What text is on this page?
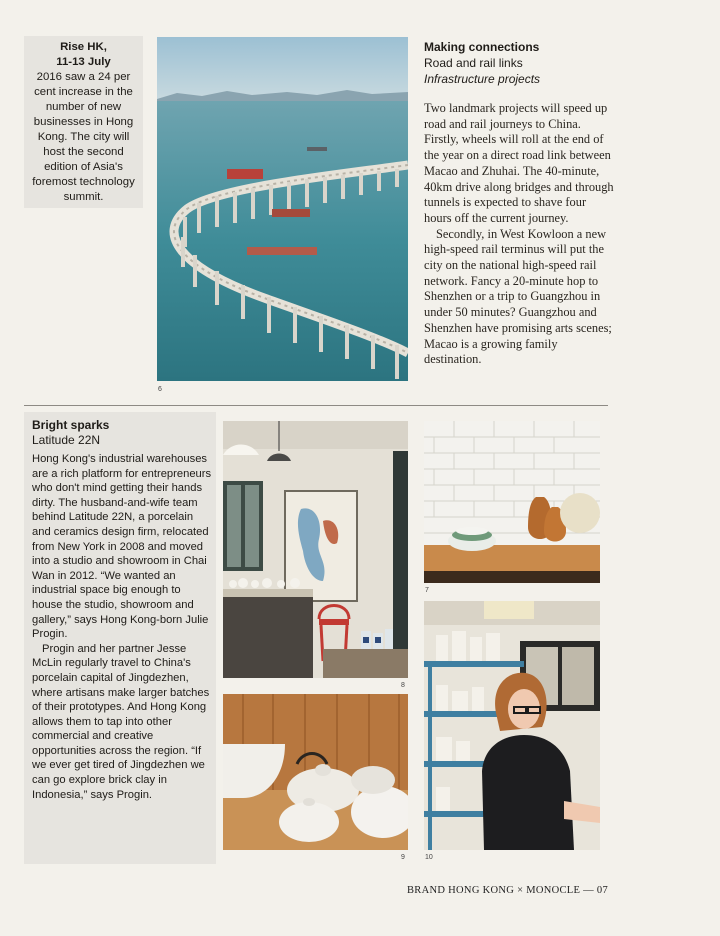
Rise HK,
11-13 July
2016 saw a 24 per cent increase in the number of new businesses in Hong Kong. The city will host the second edition of Asia's foremost technology summit.
6
Making connections
Road and rail links
Infrastructure projects

Two landmark projects will speed up road and rail journeys to China. Firstly, wheels will roll at the end of the year on a direct road link between Macao and Zhuhai. The 40-minute, 40km drive along bridges and through tunnels is expected to shave four hours off the current journey.

Secondly, in West Kowloon a new high-speed rail terminus will put the city on the national high-speed rail network. Fancy a 20-minute hop to Shenzhen or a trip to Guangzhou in under 50 minutes? Guangzhou and Shenzhen have promising arts scenes; Macao is a growing family destination.

Bright sparks
Latitude 22N

Hong Kong's industrial warehouses are a rich platform for entrepreneurs who don't mind getting their hands dirty. The husband-and-wife team behind Latitude 22N, a porcelain and ceramics design firm, relocated from New York in 2008 and moved into a studio and showroom in Chai Wan in 2012. “We wanted an industrial space big enough to house the studio, showroom and gallery,” says Hong Kong-born Julie Progin.

Progin and her partner Jesse McLin regularly travel to China's porcelain capital of Jingdezhen, where artisans make larger batches of their prototypes. And Hong Kong allows them to tap into other commercial and creative opportunities across the region. “If we ever get tired of Jingdezhen we can go explore brick clay in Indonesia,” says Progin.

8
9
7
10
BRAND HONG KONG × MONOCLE — 07
